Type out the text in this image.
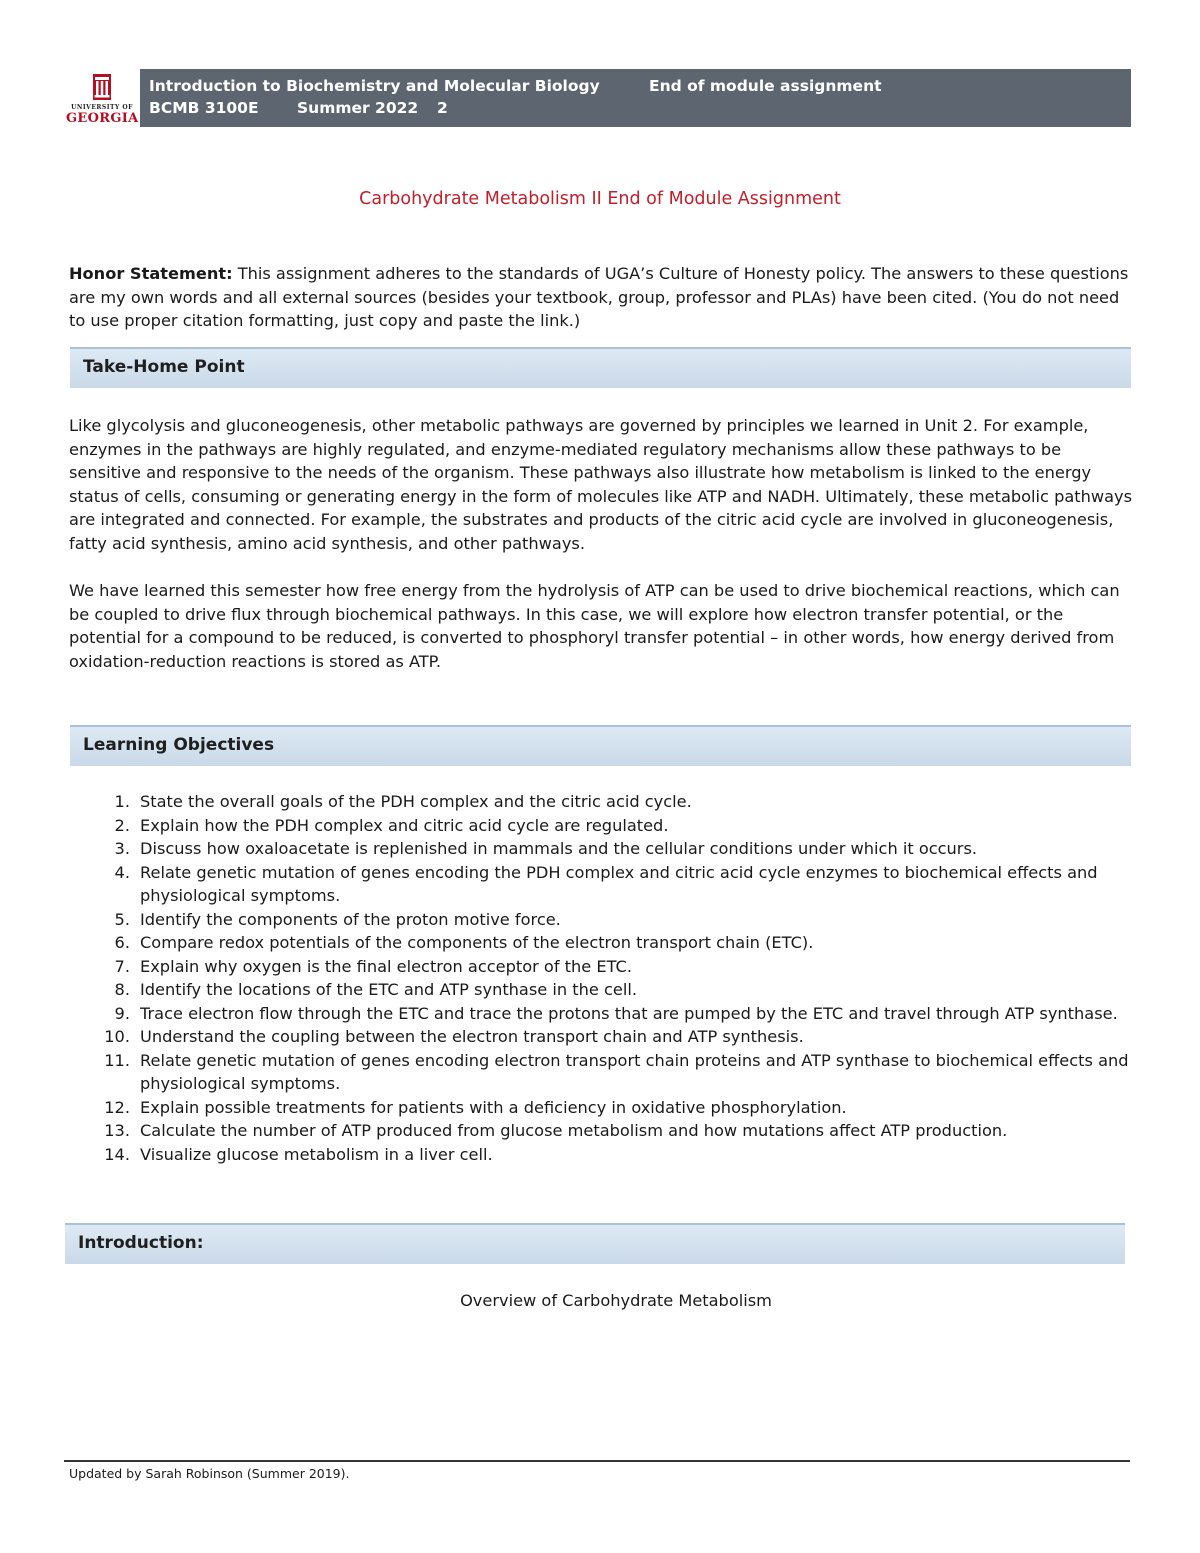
UNIVERSITY OF
GEORGIA
Introduction to Biochemistry and Molecular Biology	End of module assignment
BCMB 3100E Summer 2022 2
Carbohydrate Metabolism II End of Module Assignment

Honor Statement: This assignment adheres to the standards of UGA’s Culture of Honesty policy. The answers to these questions are my own words and all external sources (besides your textbook, group, professor and PLAs) have been cited. (You do not need to use proper citation formatting, just copy and paste the link.)

Take-Home Point

Like glycolysis and gluconeogenesis, other metabolic pathways are governed by principles we learned in Unit 2. For example, enzymes in the pathways are highly regulated, and enzyme-mediated regulatory mechanisms allow these pathways to be sensitive and responsive to the needs of the organism. These pathways also illustrate how metabolism is linked to the energy status of cells, consuming or generating energy in the form of molecules like ATP and NADH. Ultimately, these metabolic pathways are integrated and connected. For example, the substrates and products of the citric acid cycle are involved in gluconeogenesis, fatty acid synthesis, amino acid synthesis, and other pathways.

We have learned this semester how free energy from the hydrolysis of ATP can be used to drive biochemical reactions, which can be coupled to drive flux through biochemical pathways. In this case, we will explore how electron transfer potential, or the potential for a compound to be reduced, is converted to phosphoryl transfer potential – in other words, how energy derived from oxidation-reduction reactions is stored as ATP.

Learning Objectives
1. State the overall goals of the PDH complex and the citric acid cycle.
2. Explain how the PDH complex and citric acid cycle are regulated.
3. Discuss how oxaloacetate is replenished in mammals and the cellular conditions under which it occurs.
4. Relate genetic mutation of genes encoding the PDH complex and citric acid cycle enzymes to biochemical effects and physiological symptoms.
5. Identify the components of the proton motive force.
6. Compare redox potentials of the components of the electron transport chain (ETC).
7. Explain why oxygen is the final electron acceptor of the ETC.
8. Identify the locations of the ETC and ATP synthase in the cell.
9. Trace electron flow through the ETC and trace the protons that are pumped by the ETC and travel through ATP synthase.
10. Understand the coupling between the electron transport chain and ATP synthesis.
11. Relate genetic mutation of genes encoding electron transport chain proteins and ATP synthase to biochemical effects and physiological symptoms.
12. Explain possible treatments for patients with a deficiency in oxidative phosphorylation.
13. Calculate the number of ATP produced from glucose metabolism and how mutations affect ATP production.
14. Visualize glucose metabolism in a liver cell.
Introduction:
Overview of Carbohydrate Metabolism
Updated by Sarah Robinson (Summer 2019).
